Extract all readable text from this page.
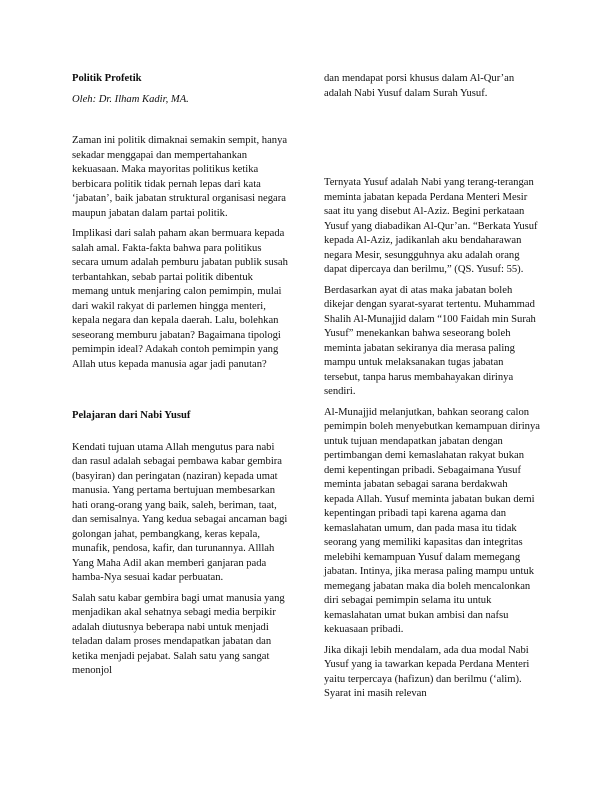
Politik Profetik
Oleh: Dr. Ilham Kadir, MA.

Zaman ini politik dimaknai semakin sempit, hanya sekadar menggapai dan mempertahankan kekuasaan. Maka mayoritas politikus ketika berbicara politik tidak pernah lepas dari kata ‘jabatan’, baik jabatan struktural organisasi negara maupun jabatan dalam partai politik.

Implikasi dari salah paham akan bermuara kepada salah amal. Fakta-fakta bahwa para politikus secara umum adalah pemburu jabatan publik susah terbantahkan, sebab partai politik dibentuk memang untuk menjaring calon pemimpin, mulai dari wakil rakyat di parlemen hingga menteri, kepala negara dan kepala daerah. Lalu, bolehkan seseorang memburu jabatan? Bagaimana tipologi pemimpin ideal? Adakah contoh pemimpin yang Allah utus kepada manusia agar jadi panutan?

Pelajaran dari Nabi Yusuf

Kendati tujuan utama Allah mengutus para nabi dan rasul adalah sebagai pembawa kabar gembira (basyiran) dan peringatan (naziran) kepada umat manusia. Yang pertama bertujuan membesarkan hati orang-orang yang baik, saleh, beriman, taat, dan semisalnya. Yang kedua sebagai ancaman bagi golongan jahat, pembangkang, keras kepala, munafik, pendosa, kafir, dan turunannya. Alllah Yang Maha Adil akan memberi ganjaran pada hamba-Nya sesuai kadar perbuatan.

Salah satu kabar gembira bagi umat manusia yang menjadikan akal sehatnya sebagi media berpikir adalah diutusnya beberapa nabi untuk menjadi teladan dalam proses mendapatkan jabatan dan ketika menjadi pejabat. Salah satu yang sangat menonjol

dan mendapat porsi khusus dalam Al-Qur’an adalah Nabi Yusuf dalam Surah Yusuf.

Ternyata Yusuf adalah Nabi yang terang-terangan meminta jabatan kepada Perdana Menteri Mesir saat itu yang disebut Al-Aziz. Begini perkataan Yusuf yang diabadikan Al-Qur’an. “Berkata Yusuf kepada Al-Aziz, jadikanlah aku bendaharawan negara Mesir, sesungguhnya aku adalah orang dapat dipercaya dan berilmu,” (QS. Yusuf: 55).

Berdasarkan ayat di atas maka jabatan boleh dikejar dengan syarat-syarat tertentu. Muhammad Shalih Al-Munajjid dalam “100 Faidah min Surah Yusuf” menekankan bahwa seseorang boleh meminta jabatan sekiranya dia merasa paling mampu untuk melaksanakan tugas jabatan tersebut, tanpa harus membahayakan dirinya sendiri.

Al-Munajjid melanjutkan, bahkan seorang calon pemimpin boleh menyebutkan kemampuan dirinya untuk tujuan mendapatkan jabatan dengan pertimbangan demi kemaslahatan rakyat bukan demi kepentingan pribadi. Sebagaimana Yusuf meminta jabatan sebagai sarana berdakwah kepada Allah. Yusuf meminta jabatan bukan demi kepentingan pribadi tapi karena agama dan kemaslahatan umum, dan pada masa itu tidak seorang yang memiliki kapasitas dan integritas melebihi kemampuan Yusuf dalam memegang jabatan. Intinya, jika merasa paling mampu untuk memegang jabatan maka dia boleh mencalonkan diri sebagai pemimpin selama itu untuk kemaslahatan umat bukan ambisi dan nafsu kekuasaan pribadi.

Jika dikaji lebih mendalam, ada dua modal Nabi Yusuf yang ia tawarkan kepada Perdana Menteri yaitu terpercaya (hafizun) dan berilmu (‘alim). Syarat ini masih relevan
